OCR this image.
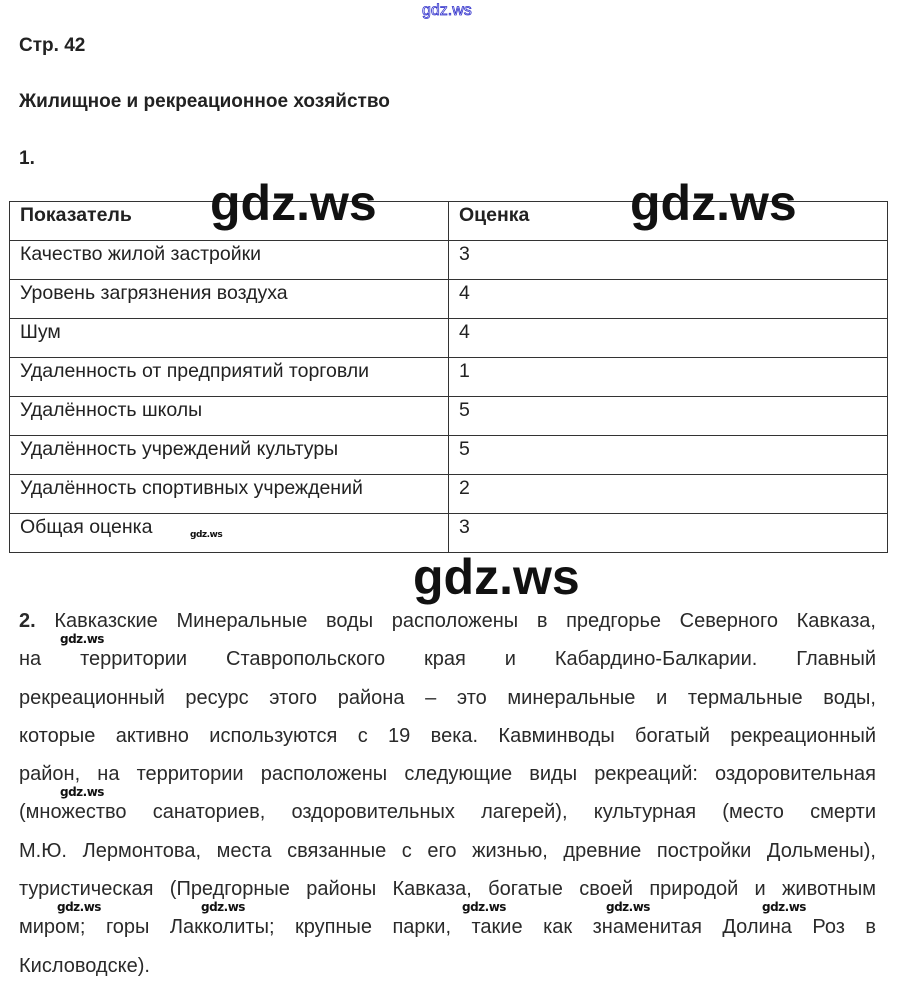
gdz.ws
Стр. 42
Жилищное и рекреационное хозяйство
1.
Показатель	Оценка
Качество жилой застройки	3
Уровень загрязнения воздуха	4
Шум	4
Удаленность от предприятий торговли	1
Удалённость школы	5
Удалённость учреждений культуры	5
Удалённость спортивных учреждений	2
Общая оценка	3
2. Кавказские Минеральные воды расположены в предгорье Северного Кавказа,
на территории Ставропольского края и Кабардино-Балкарии. Главный
рекреационный ресурс этого района – это минеральные и термальные воды,
которые активно используются с 19 века. Кавминводы богатый рекреационный
район, на территории расположены следующие виды рекреаций: оздоровительная
(множество санаториев, оздоровительных лагерей), культурная (место смерти
М.Ю. Лермонтова, места связанные с его жизнью, древние постройки Дольмены),
туристическая (Предгорные районы Кавказа, богатые своей природой и животным
миром; горы Лакколиты; крупные парки, такие как знаменитая Долина Роз в
Кисловодске).
gdz.ws	gdz.ws
gdz.ws
gdz.ws
gdz.ws
gdz.ws
gdz.ws	gdz.ws	gdz.ws	gdz.ws	gdz.ws
